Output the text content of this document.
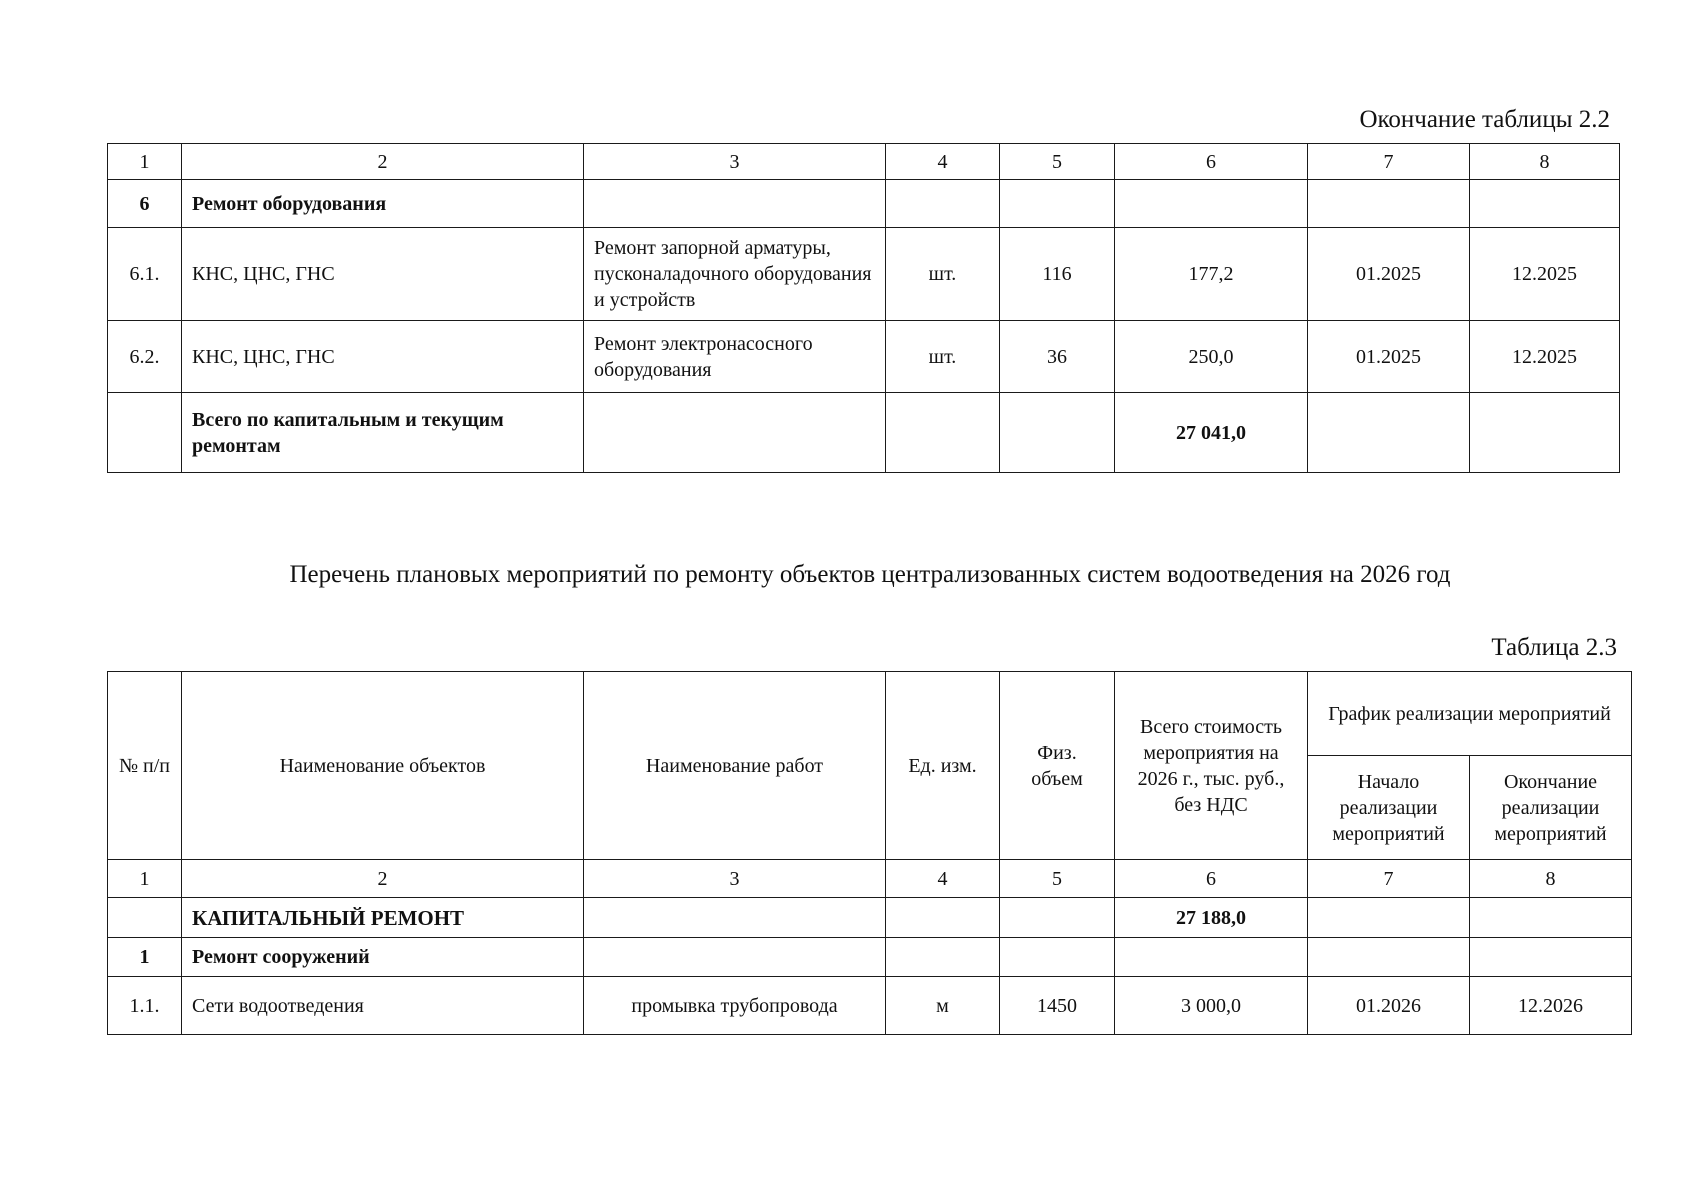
Окончание таблицы 2.2
1	2	3	4	5	6	7	8
6	Ремонт оборудования						
6.1.	КНС, ЦНС, ГНС	Ремонт запорной арматуры, пусконаладочного оборудования и устройств	шт.	116	177,2	01.2025	12.2025
6.2.	КНС, ЦНС, ГНС	Ремонт электронасосного оборудования	шт.	36	250,0	01.2025	12.2025
	Всего по капитальным и текущим ремонтам				27 041,0		
Перечень плановых мероприятий по ремонту объектов централизованных систем водоотведения на 2026 год
Таблица 2.3
№ п/п	Наименование объектов	Наименование работ	Ед. изм.	Физ. объем	Всего стоимость мероприятия на 2026 г., тыс. руб., без НДС	График реализации мероприятий	
						Начало реализации мероприятий	Окончание реализации мероприятий
1	2	3	4	5	6	7	8
	КАПИТАЛЬНЫЙ РЕМОНТ				27 188,0		
1	Ремонт сооружений						
1.1.	Сети водоотведения	промывка трубопровода	м	1450	3 000,0	01.2026	12.2026
